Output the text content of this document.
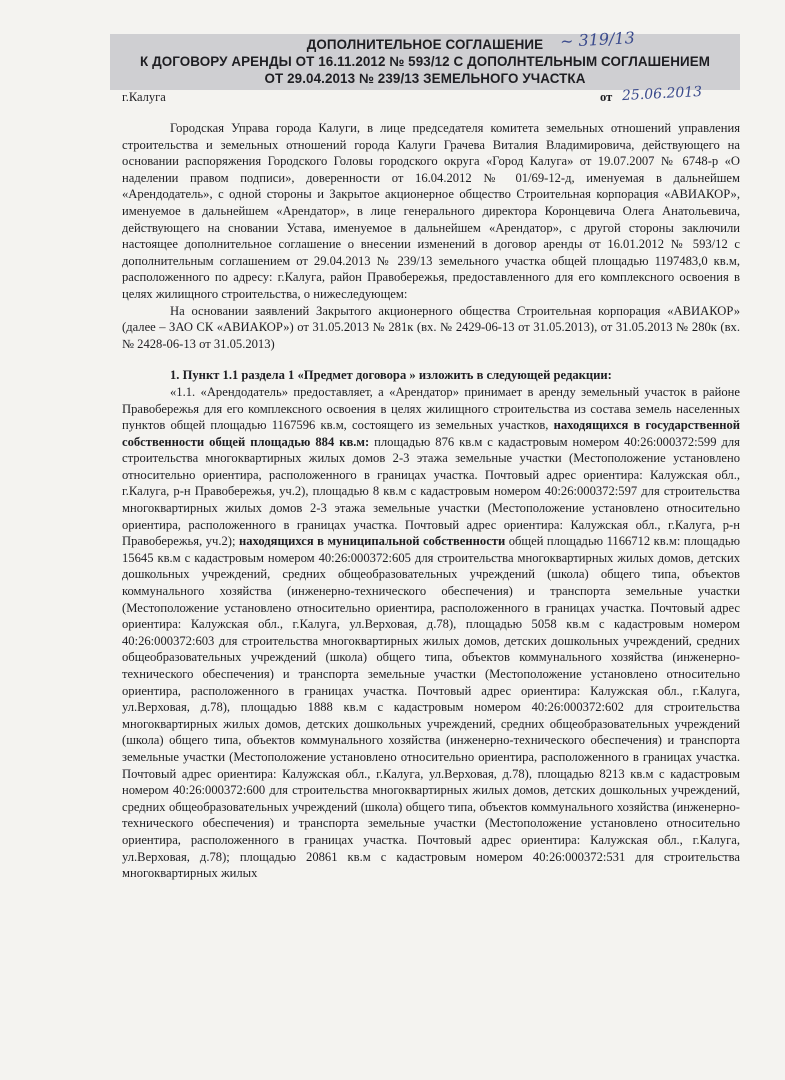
ДОПОЛНИТЕЛЬНОЕ СОГЛАШЕНИЕ
К ДОГОВОРУ АРЕНДЫ ОТ 16.11.2012 № 593/12 С ДОПОЛНТЕЛЬНЫМ СОГЛАШЕНИЕМ
ОТ 29.04.2013 № 239/13 ЗЕМЕЛЬНОГО УЧАСТКА
~ 319/13
г.Калуга	от 25.06.2013

Городская Управа города Калуги, в лице председателя комитета земельных отношений управления строительства и земельных отношений города Калуги Грачева Виталия Владимировича, действующего на основании распоряжения Городского Головы городского округа «Город Калуга» от 19.07.2007 № 6748-р «О наделении правом подписи», доверенности от 16.04.2012 № 01/69-12-д, именуемая в дальнейшем «Арендодатель», с одной стороны и Закрытое акционерное общество Строительная корпорация «АВИАКОР», именуемое в дальнейшем «Арендатор», в лице генерального директора Коронцевича Олега Анатольевича, действующего на сновании Устава, именуемое в дальнейшем «Арендатор», с другой стороны заключили настоящее дополнительное соглашение о внесении изменений в договор аренды от 16.01.2012 № 593/12 с дополнительным соглашением от 29.04.2013 № 239/13 земельного участка общей площадью 1197483,0 кв.м, расположенного по адресу: г.Калуга, район Правобережья, предоставленного для его комплексного освоения в целях жилищного строительства, о нижеследующем:

На основании заявлений Закрытого акционерного общества Строительная корпорация «АВИАКОР» (далее – ЗАО СК «АВИАКОР») от 31.05.2013 № 281к (вх. № 2429-06-13 от 31.05.2013), от 31.05.2013 № 280к (вх. № 2428-06-13 от 31.05.2013)

1. Пункт 1.1 раздела 1 «Предмет договора » изложить в следующей редакции:

«1.1. «Арендодатель» предоставляет, а «Арендатор» принимает в аренду земельный участок в районе Правобережья для его комплексного освоения в целях жилищного строительства из состава земель населенных пунктов общей площадью 1167596 кв.м, состоящего из земельных участков, находящихся в государственной собственности общей площадью 884 кв.м: площадью 876 кв.м с кадастровым номером 40:26:000372:599 для строительства многоквартирных жилых домов 2-3 этажа земельные участки (Местоположение установлено относительно ориентира, расположенного в границах участка. Почтовый адрес ориентира: Калужская обл., г.Калуга, р-н Правобережья, уч.2), площадью 8 кв.м с кадастровым номером 40:26:000372:597 для строительства многоквартирных жилых домов 2-3 этажа земельные участки (Местоположение установлено относительно ориентира, расположенного в границах участка. Почтовый адрес ориентира: Калужская обл., г.Калуга, р-н Правобережья, уч.2); находящихся в муниципальной собственности общей площадью 1166712 кв.м: площадью 15645 кв.м с кадастровым номером 40:26:000372:605 для строительства многоквартирных жилых домов, детских дошкольных учреждений, средних общеобразовательных учреждений (школа) общего типа, объектов коммунального хозяйства (инженерно-технического обеспечения) и транспорта земельные участки (Местоположение установлено относительно ориентира, расположенного в границах участка. Почтовый адрес ориентира: Калужская обл., г.Калуга, ул.Верховая, д.78), площадью 5058 кв.м с кадастровым номером 40:26:000372:603 для строительства многоквартирных жилых домов, детских дошкольных учреждений, средних общеобразовательных учреждений (школа) общего типа, объектов коммунального хозяйства (инженерно-технического обеспечения) и транспорта земельные участки (Местоположение установлено относительно ориентира, расположенного в границах участка. Почтовый адрес ориентира: Калужская обл., г.Калуга, ул.Верховая, д.78), площадью 1888 кв.м с кадастровым номером 40:26:000372:602 для строительства многоквартирных жилых домов, детских дошкольных учреждений, средних общеобразовательных учреждений (школа) общего типа, объектов коммунального хозяйства (инженерно-технического обеспечения) и транспорта земельные участки (Местоположение установлено относительно ориентира, расположенного в границах участка. Почтовый адрес ориентира: Калужская обл., г.Калуга, ул.Верховая, д.78), площадью 8213 кв.м с кадастровым номером 40:26:000372:600 для строительства многоквартирных жилых домов, детских дошкольных учреждений, средних общеобразовательных учреждений (школа) общего типа, объектов коммунального хозяйства (инженерно-технического обеспечения) и транспорта земельные участки (Местоположение установлено относительно ориентира, расположенного в границах участка. Почтовый адрес ориентира: Калужская обл., г.Калуга, ул.Верховая, д.78); площадью 20861 кв.м с кадастровым номером 40:26:000372:531 для строительства многоквартирных жилых
